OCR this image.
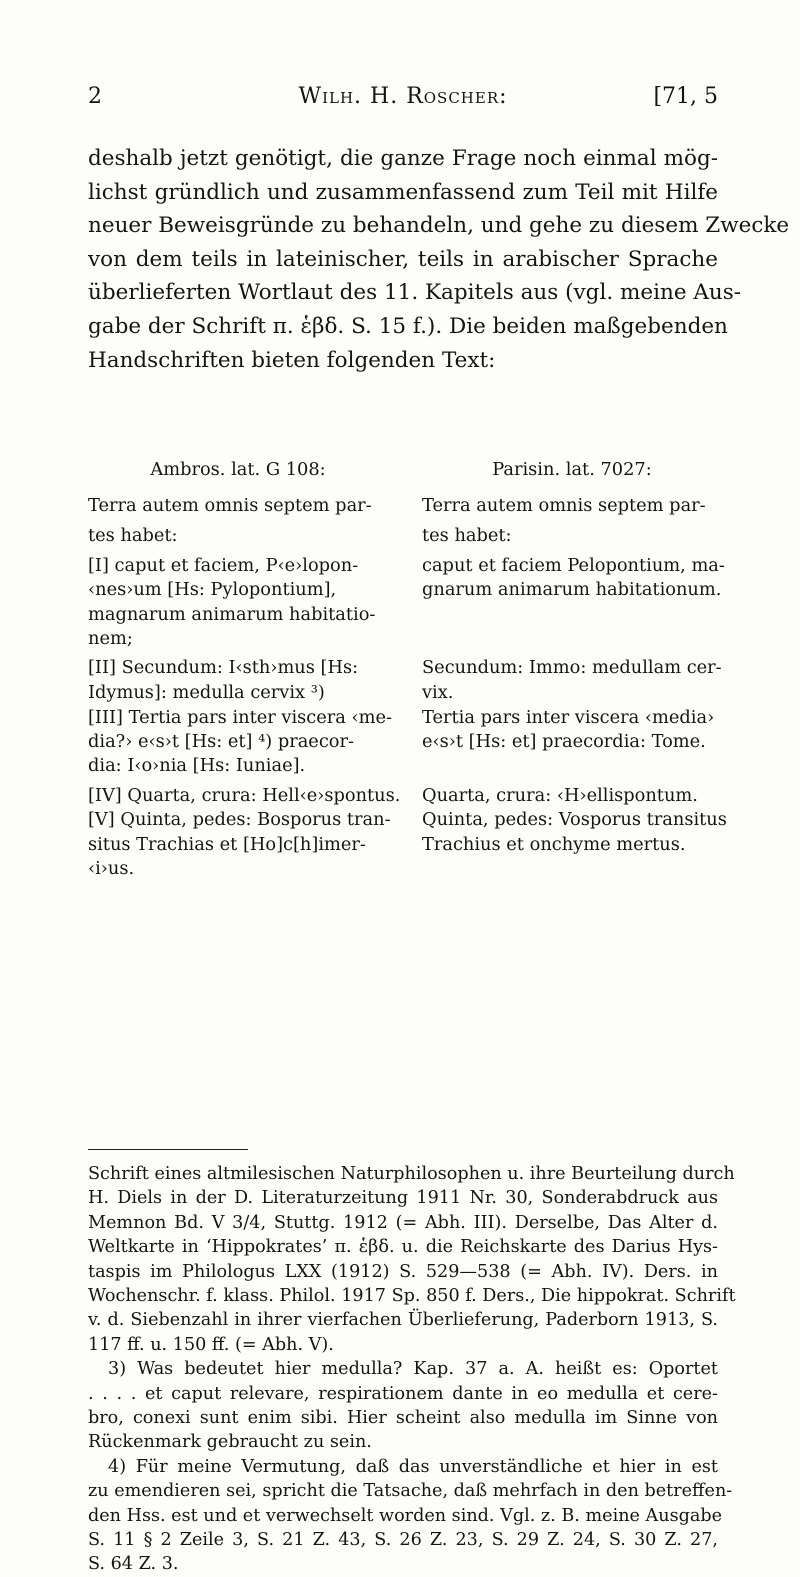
2	Wilh. H. Roscher:	[71, 5
deshalb jetzt genötigt, die ganze Frage noch einmal mög-
lichst gründlich und zusammenfassend zum Teil mit Hilfe
neuer Beweisgründe zu behandeln, und gehe zu diesem Zwecke
von dem teils in lateinischer, teils in arabischer Sprache
überlieferten Wortlaut des 11. Kapitels aus (vgl. meine Aus-
gabe der Schrift π. ἑβδ. S. 15 f.). Die beiden maßgebenden
Handschriften bieten folgenden Text:
Ambros. lat. G 108:
Terra autem omnis septem par-
tes habet:
[I] caput et faciem, P‹e›lopon-
‹nes›um [Hs: Pylopontium],
magnarum animarum habitatio-
nem;
[II] Secundum: I‹sth›mus [Hs:
Idymus]: medulla cervix ³)
[III] Tertia pars inter viscera ‹me-
dia?› e‹s›t [Hs: et] ⁴) praecor-
dia: I‹o›nia [Hs: Iuniae].
[IV] Quarta, crura: Hell‹e›spontus.
[V] Quinta, pedes: Bosporus tran-
situs Trachias et [Ho]c[h]imer-
‹i›us.
Parisin. lat. 7027:
Terra autem omnis septem par-
tes habet:
caput et faciem Pelopontium, ma-
gnarum animarum habitationum.
Secundum: Immo: medullam cer-
vix.
Tertia pars inter viscera ‹media›
e‹s›t [Hs: et] praecordia: Tome.
Quarta, crura: ‹H›ellispontum.
Quinta, pedes: Vosporus transitus
Trachius et onchyme mertus.
Schrift eines altmilesischen Naturphilosophen u. ihre Beurteilung durch
H. Diels in der D. Literaturzeitung 1911 Nr. 30, Sonderabdruck aus
Memnon Bd. V 3/4, Stuttg. 1912 (= Abh. III). Derselbe, Das Alter d.
Weltkarte in ‘Hippokrates’ π. ἑβδ. u. die Reichskarte des Darius Hys-
taspis im Philologus LXX (1912) S. 529—538 (= Abh. IV). Ders. in
Wochenschr. f. klass. Philol. 1917 Sp. 850 f. Ders., Die hippokrat. Schrift
v. d. Siebenzahl in ihrer vierfachen Überlieferung, Paderborn 1913, S.
117 ff. u. 150 ff. (= Abh. V).
3) Was bedeutet hier medulla? Kap. 37 a. A. heißt es: Oportet
. . . . et caput relevare, respirationem dante in eo medulla et cere-
bro, conexi sunt enim sibi. Hier scheint also medulla im Sinne von
Rückenmark gebraucht zu sein.
4) Für meine Vermutung, daß das unverständliche et hier in est
zu emendieren sei, spricht die Tatsache, daß mehrfach in den betreffen-
den Hss. est und et verwechselt worden sind. Vgl. z. B. meine Ausgabe
S. 11 § 2 Zeile 3, S. 21 Z. 43, S. 26 Z. 23, S. 29 Z. 24, S. 30 Z. 27,
S. 64 Z. 3.
